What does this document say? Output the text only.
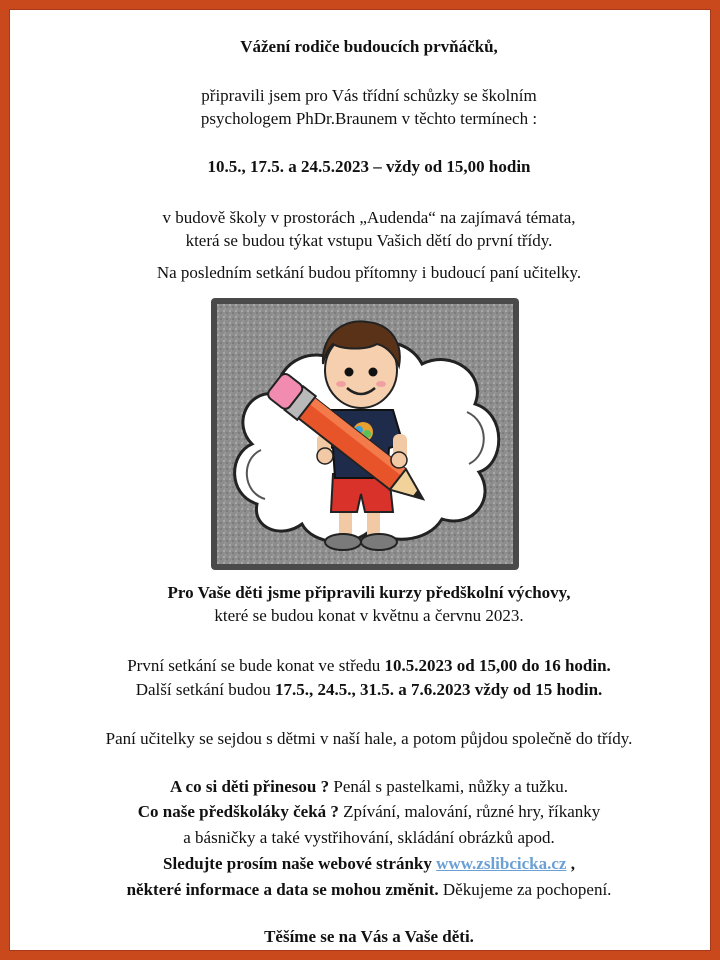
Vážení rodiče budoucích prvňáčků,
připravili jsem pro Vás třídní schůzky se školním
psychologem PhDr.Braunem v těchto termínech :
10.5., 17.5. a 24.5.2023 – vždy od 15,00 hodin
v budově školy v prostorách „Audenda“ na zajímavá témata,
která se budou týkat vstupu Vašich dětí do první třídy.
Na posledním setkání budou přítomny i budoucí paní učitelky.
Pro Vaše děti jsme připravili kurzy předškolní výchovy,
které se budou konat v květnu a červnu 2023.
První setkání se bude konat ve středu 10.5.2023 od 15,00 do 16 hodin.
Další setkání budou 17.5., 24.5., 31.5. a 7.6.2023 vždy od 15 hodin.
Paní učitelky se sejdou s dětmi v naší hale, a potom půjdou společně do třídy.
A co si děti přinesou ? Penál s pastelkami, nůžky a tužku.
Co naše předškoláky čeká ? Zpívání, malování, různé hry, říkanky
a básničky a také vystřihování, skládání obrázků apod.
Sledujte prosím naše webové stránky www.zslibcicka.cz ,
některé informace a data se mohou změnit. Děkujeme za pochopení.
Těšíme se na Vás a Vaše děti.
